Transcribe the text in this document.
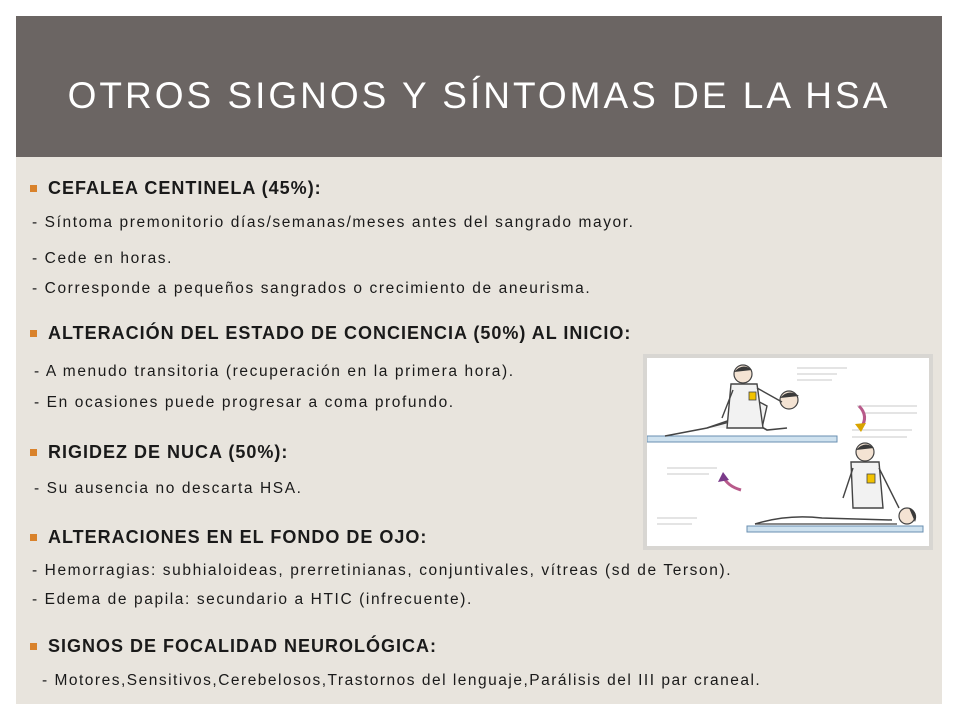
OTROS SIGNOS Y SÍNTOMAS DE LA HSA

CEFALEA CENTINELA (45%):

- Síntoma premonitorio días/semanas/meses antes del sangrado mayor.

- Cede en horas.

- Corresponde a pequeños sangrados o crecimiento de aneurisma.

ALTERACIÓN DEL ESTADO DE CONCIENCIA (50%) AL INICIO:

- A menudo transitoria (recuperación en la primera hora).

- En ocasiones puede progresar a coma profundo.

RIGIDEZ DE NUCA (50%):

- Su ausencia no descarta HSA.

ALTERACIONES EN EL FONDO DE OJO:

- Hemorragias: subhialoideas, prerretinianas, conjuntivales, vítreas (sd de Terson).

- Edema de papila: secundario a HTIC (infrecuente).

SIGNOS DE FOCALIDAD NEUROLÓGICA:

- Motores,Sensitivos,Cerebelosos,Trastornos del lenguaje,Parálisis del III par craneal.
